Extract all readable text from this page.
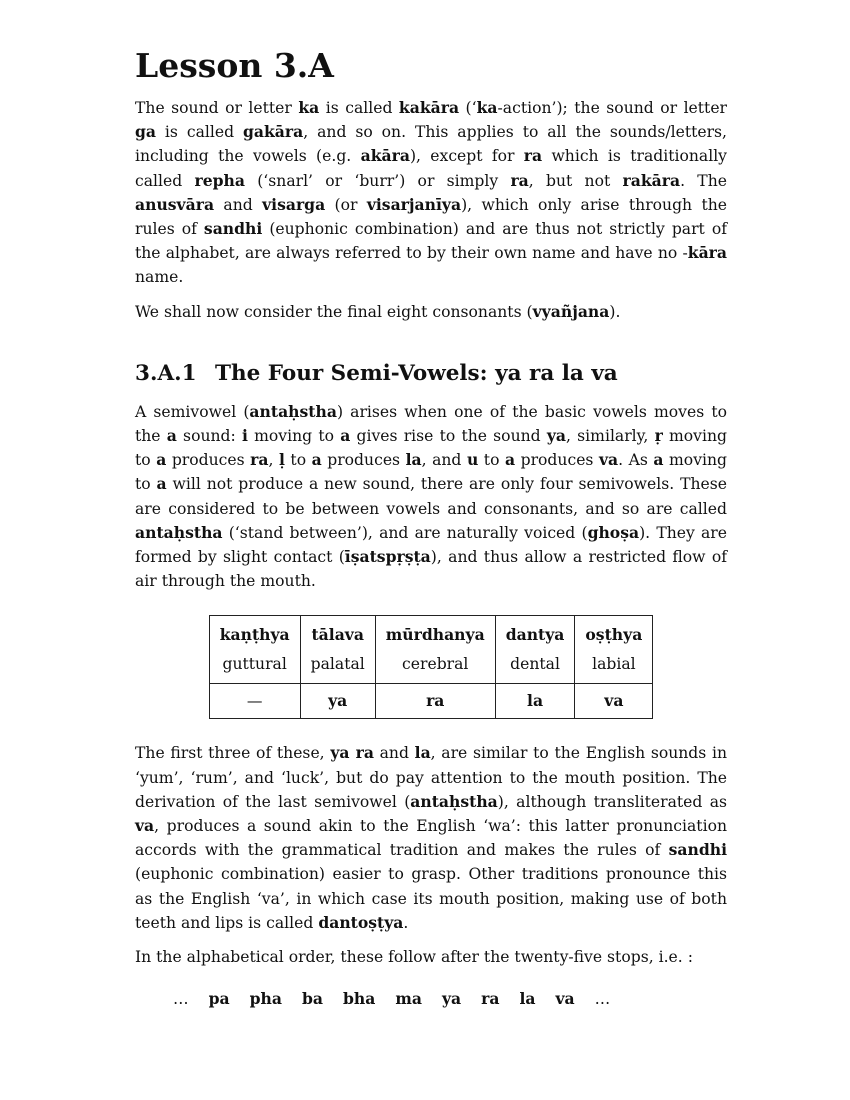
Lesson 3.A

The sound or letter ka is called kakāra (‘ka-action’); the sound or letter ga is called gakāra, and so on. This applies to all the sounds/letters, including the vowels (e.g. akāra), except for ra which is traditionally called repha (‘snarl’ or ‘burr’) or simply ra, but not rakāra. The anusvāra and visarga (or visarjanīya), which only arise through the rules of sandhi (euphonic combination) and are thus not strictly part of the alphabet, are always referred to by their own name and have no -kāra name.

We shall now consider the final eight consonants (vyañjana).

3.A.1 The Four Semi-Vowels: ya ra la va

A semivowel (antaḥstha) arises when one of the basic vowels moves to the a sound: i moving to a gives rise to the sound ya, similarly, ṛ moving to a produces ra, ḷ to a produces la, and u to a produces va. As a moving to a will not produce a new sound, there are only four semivowels. These are considered to be between vowels and consonants, and so are called antaḥstha (‘stand between’), and are naturally voiced (ghoṣa). They are formed by slight contact (īṣatspṛṣṭa), and thus allow a restricted flow of air through the mouth.

kaṇṭhya	tālava	mūrdhanya	dantya	oṣṭhya
guttural	palatal	cerebral	dental	labial
—	ya	ra	la	va

The first three of these, ya ra and la, are similar to the English sounds in ‘yum’, ‘rum’, and ‘luck’, but do pay attention to the mouth position. The derivation of the last semivowel (antaḥstha), although transliterated as va, produces a sound akin to the English ‘wa’: this latter pronunciation accords with the grammatical tradition and makes the rules of sandhi (euphonic combination) easier to grasp. Other traditions pronounce this as the English ‘va’, in which case its mouth position, making use of both teeth and lips is called dantoṣṭya.

In the alphabetical order, these follow after the twenty-five stops, i.e. :

… pa pha ba bha ma ya ra la va …
